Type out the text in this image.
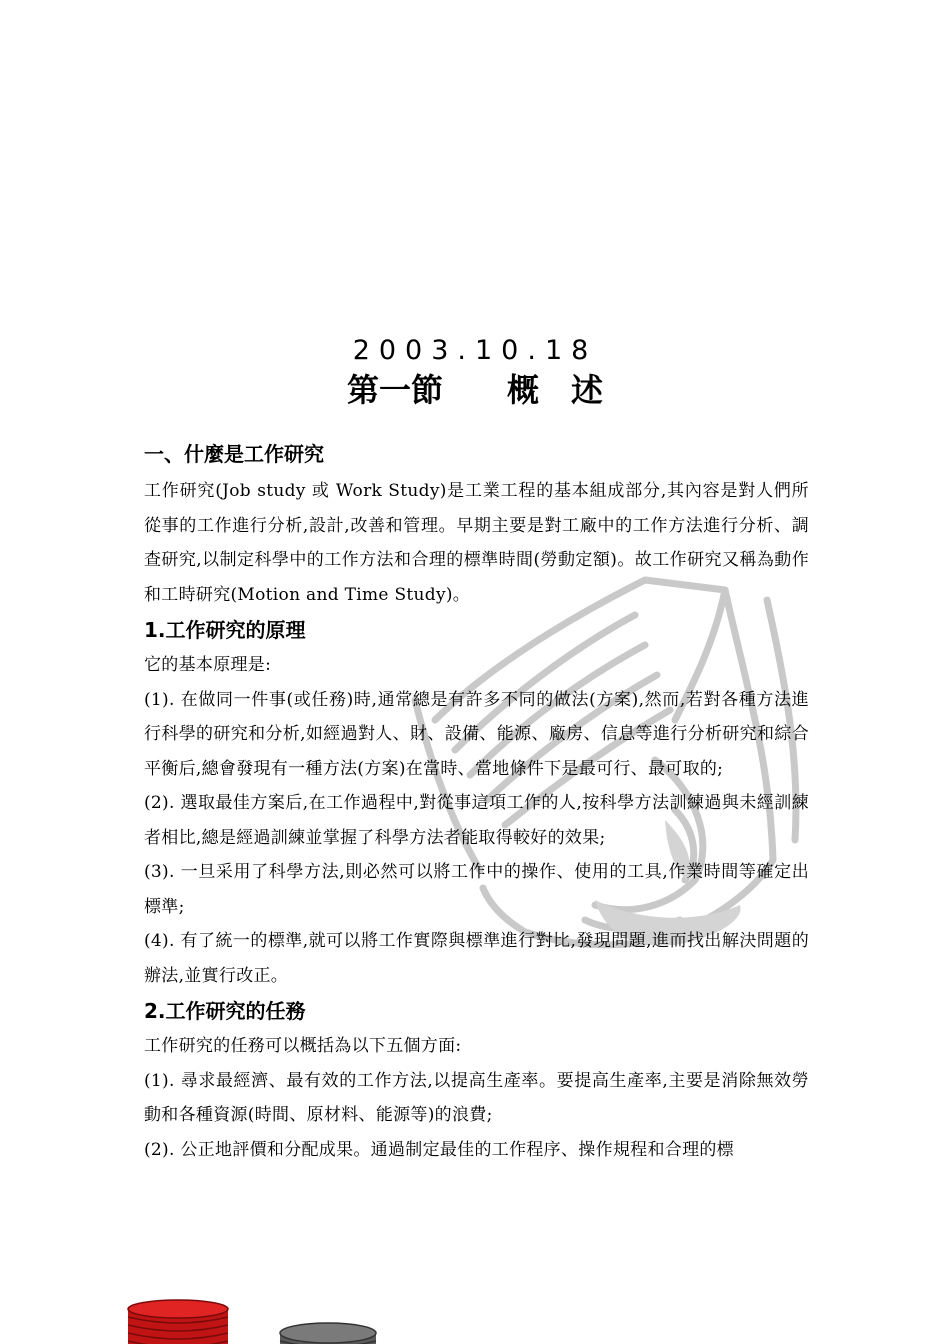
2003.10.18
第一節　　概　述
一、什麼是工作研究

工作研究(Job study 或 Work Study)是工業工程的基本組成部分,其內容是對人們所從事的工作進行分析,設計,改善和管理。早期主要是對工廠中的工作方法進行分析、調查研究,以制定科學中的工作方法和合理的標準時間(勞動定額)。故工作研究又稱為動作和工時研究(Motion and Time Study)。

1.工作研究的原理

它的基本原理是:

(1). 在做同一件事(或任務)時,通常總是有許多不同的做法(方案),然而,若對各種方法進行科學的研究和分析,如經過對人、財、設備、能源、廠房、信息等進行分析研究和綜合平衡后,總會發現有一種方法(方案)在當時、當地條件下是最可行、最可取的;

(2). 選取最佳方案后,在工作過程中,對從事這項工作的人,按科學方法訓練過與未經訓練者相比,總是經過訓練並掌握了科學方法者能取得較好的效果;

(3). 一旦采用了科學方法,則必然可以將工作中的操作、使用的工具,作業時間等確定出標準;

(4). 有了統一的標準,就可以將工作實際與標準進行對比,發現問題,進而找出解決問題的辦法,並實行改正。

2.工作研究的任務

工作研究的任務可以概括為以下五個方面:

(1). 尋求最經濟、最有效的工作方法,以提高生產率。要提高生產率,主要是消除無效勞動和各種資源(時間、原材料、能源等)的浪費;

(2). 公正地評價和分配成果。通過制定最佳的工作程序、操作規程和合理的標
